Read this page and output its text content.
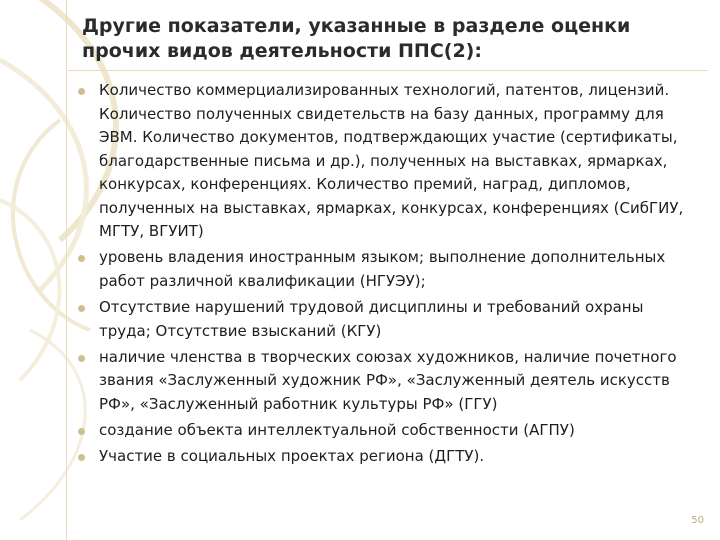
Другие показатели, указанные в разделе оценки прочих видов деятельности ППС(2):
Количество коммерциализированных технологий, патентов, лицензий. Количество полученных свидетельств на базу данных, программу для ЭВМ. Количество документов, подтверждающих участие (сертификаты, благодарственные письма и др.), полученных на выставках, ярмарках, конкурсах, конференциях. Количество премий, наград, дипломов, полученных на выставках, ярмарках, конкурсах, конференциях (СибГИУ, МГТУ, ВГУИТ)
уровень владения иностранным языком; выполнение дополнительных работ различной квалификации (НГУЭУ);
Отсутствие нарушений трудовой дисциплины и требований охраны труда; Отсутствие взысканий (КГУ)
наличие членства в творческих союзах художников, наличие почетного звания «Заслуженный художник РФ», «Заслуженный деятель искусств РФ», «Заслуженный работник культуры РФ» (ГГУ)
создание объекта интеллектуальной собственности (АГПУ)
Участие в социальных проектах региона (ДГТУ).
50
